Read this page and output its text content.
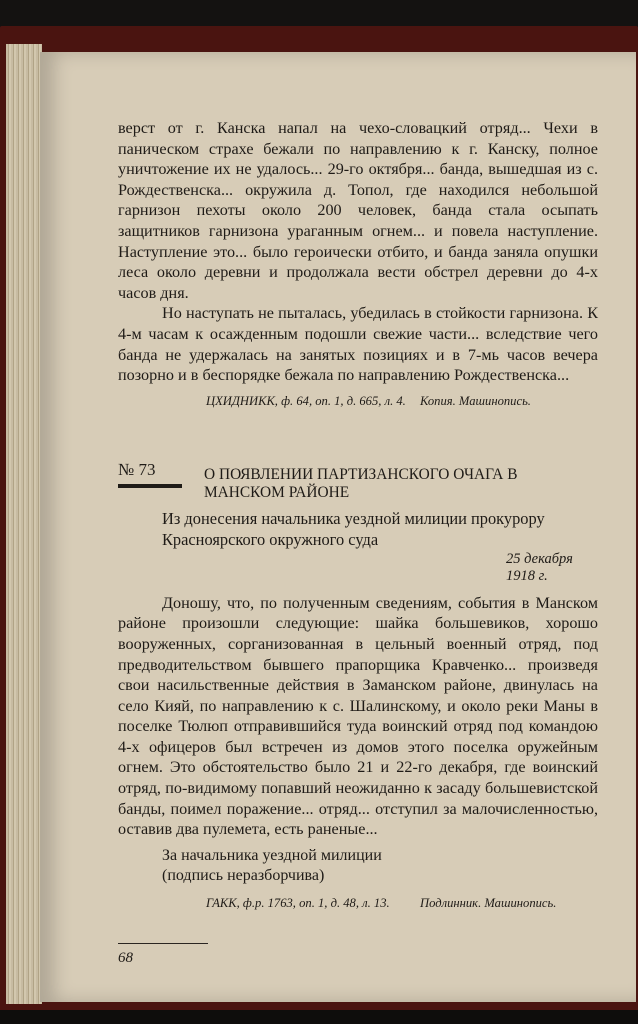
верст от г. Канска напал на чехо-словацкий отряд... Чехи в паническом страхе бежали по направлению к г. Канску, полное уничтожение их не удалось... 29-го октября... банда, вышедшая из с. Рождественска... окружила д. Топол, где находился небольшой гарнизон пехоты около 200 человек, банда стала осыпать защитников гарнизона ураганным огнем... и повела наступление. Наступление это... было героически отбито, и банда заняла опушки леса около деревни и продолжала вести обстрел деревни до 4-х часов дня.

Но наступать не пыталась, убедилась в стойкости гарнизона. К 4-м часам к осажденным подошли свежие части... вследствие чего банда не удержалась на занятых позициях и в 7-мь часов вечера позорно и в беспорядке бежала по направлению Рождественска...

ЦХИДНИКК, ф. 64, оп. 1, д. 665, л. 4. Копия. Машинопись.
№ 73	О ПОЯВЛЕНИИ ПАРТИЗАНСКОГО ОЧАГА В МАНСКОМ РАЙОНЕ

Из донесения начальника уездной милиции прокурору Красноярского окружного суда

25 декабря
1918 г.

Доношу, что, по полученным сведениям, события в Манском районе произошли следующие: шайка большевиков, хорошо вооруженных, сорганизованная в цельный военный отряд, под предводительством бывшего прапорщика Кравченко... произведя свои насильственные действия в Заманском районе, двинулась на село Кияй, по направлению к с. Шалинскому, и около реки Маны в поселке Тюлюп отправившийся туда воинский отряд под командою 4-х офицеров был встречен из домов этого поселка оружейным огнем. Это обстоятельство было 21 и 22-го декабря, где воинский отряд, по-видимому попавший неожиданно к засаду большевистской банды, поимел поражение... отряд... отступил за малочисленностью, оставив два пулемета, есть раненые...

За начальника уездной милиции
(подпись неразборчива)
ГАКК, ф.р. 1763, оп. 1, д. 48, л. 13.	Подлинник. Машинопись.
68
